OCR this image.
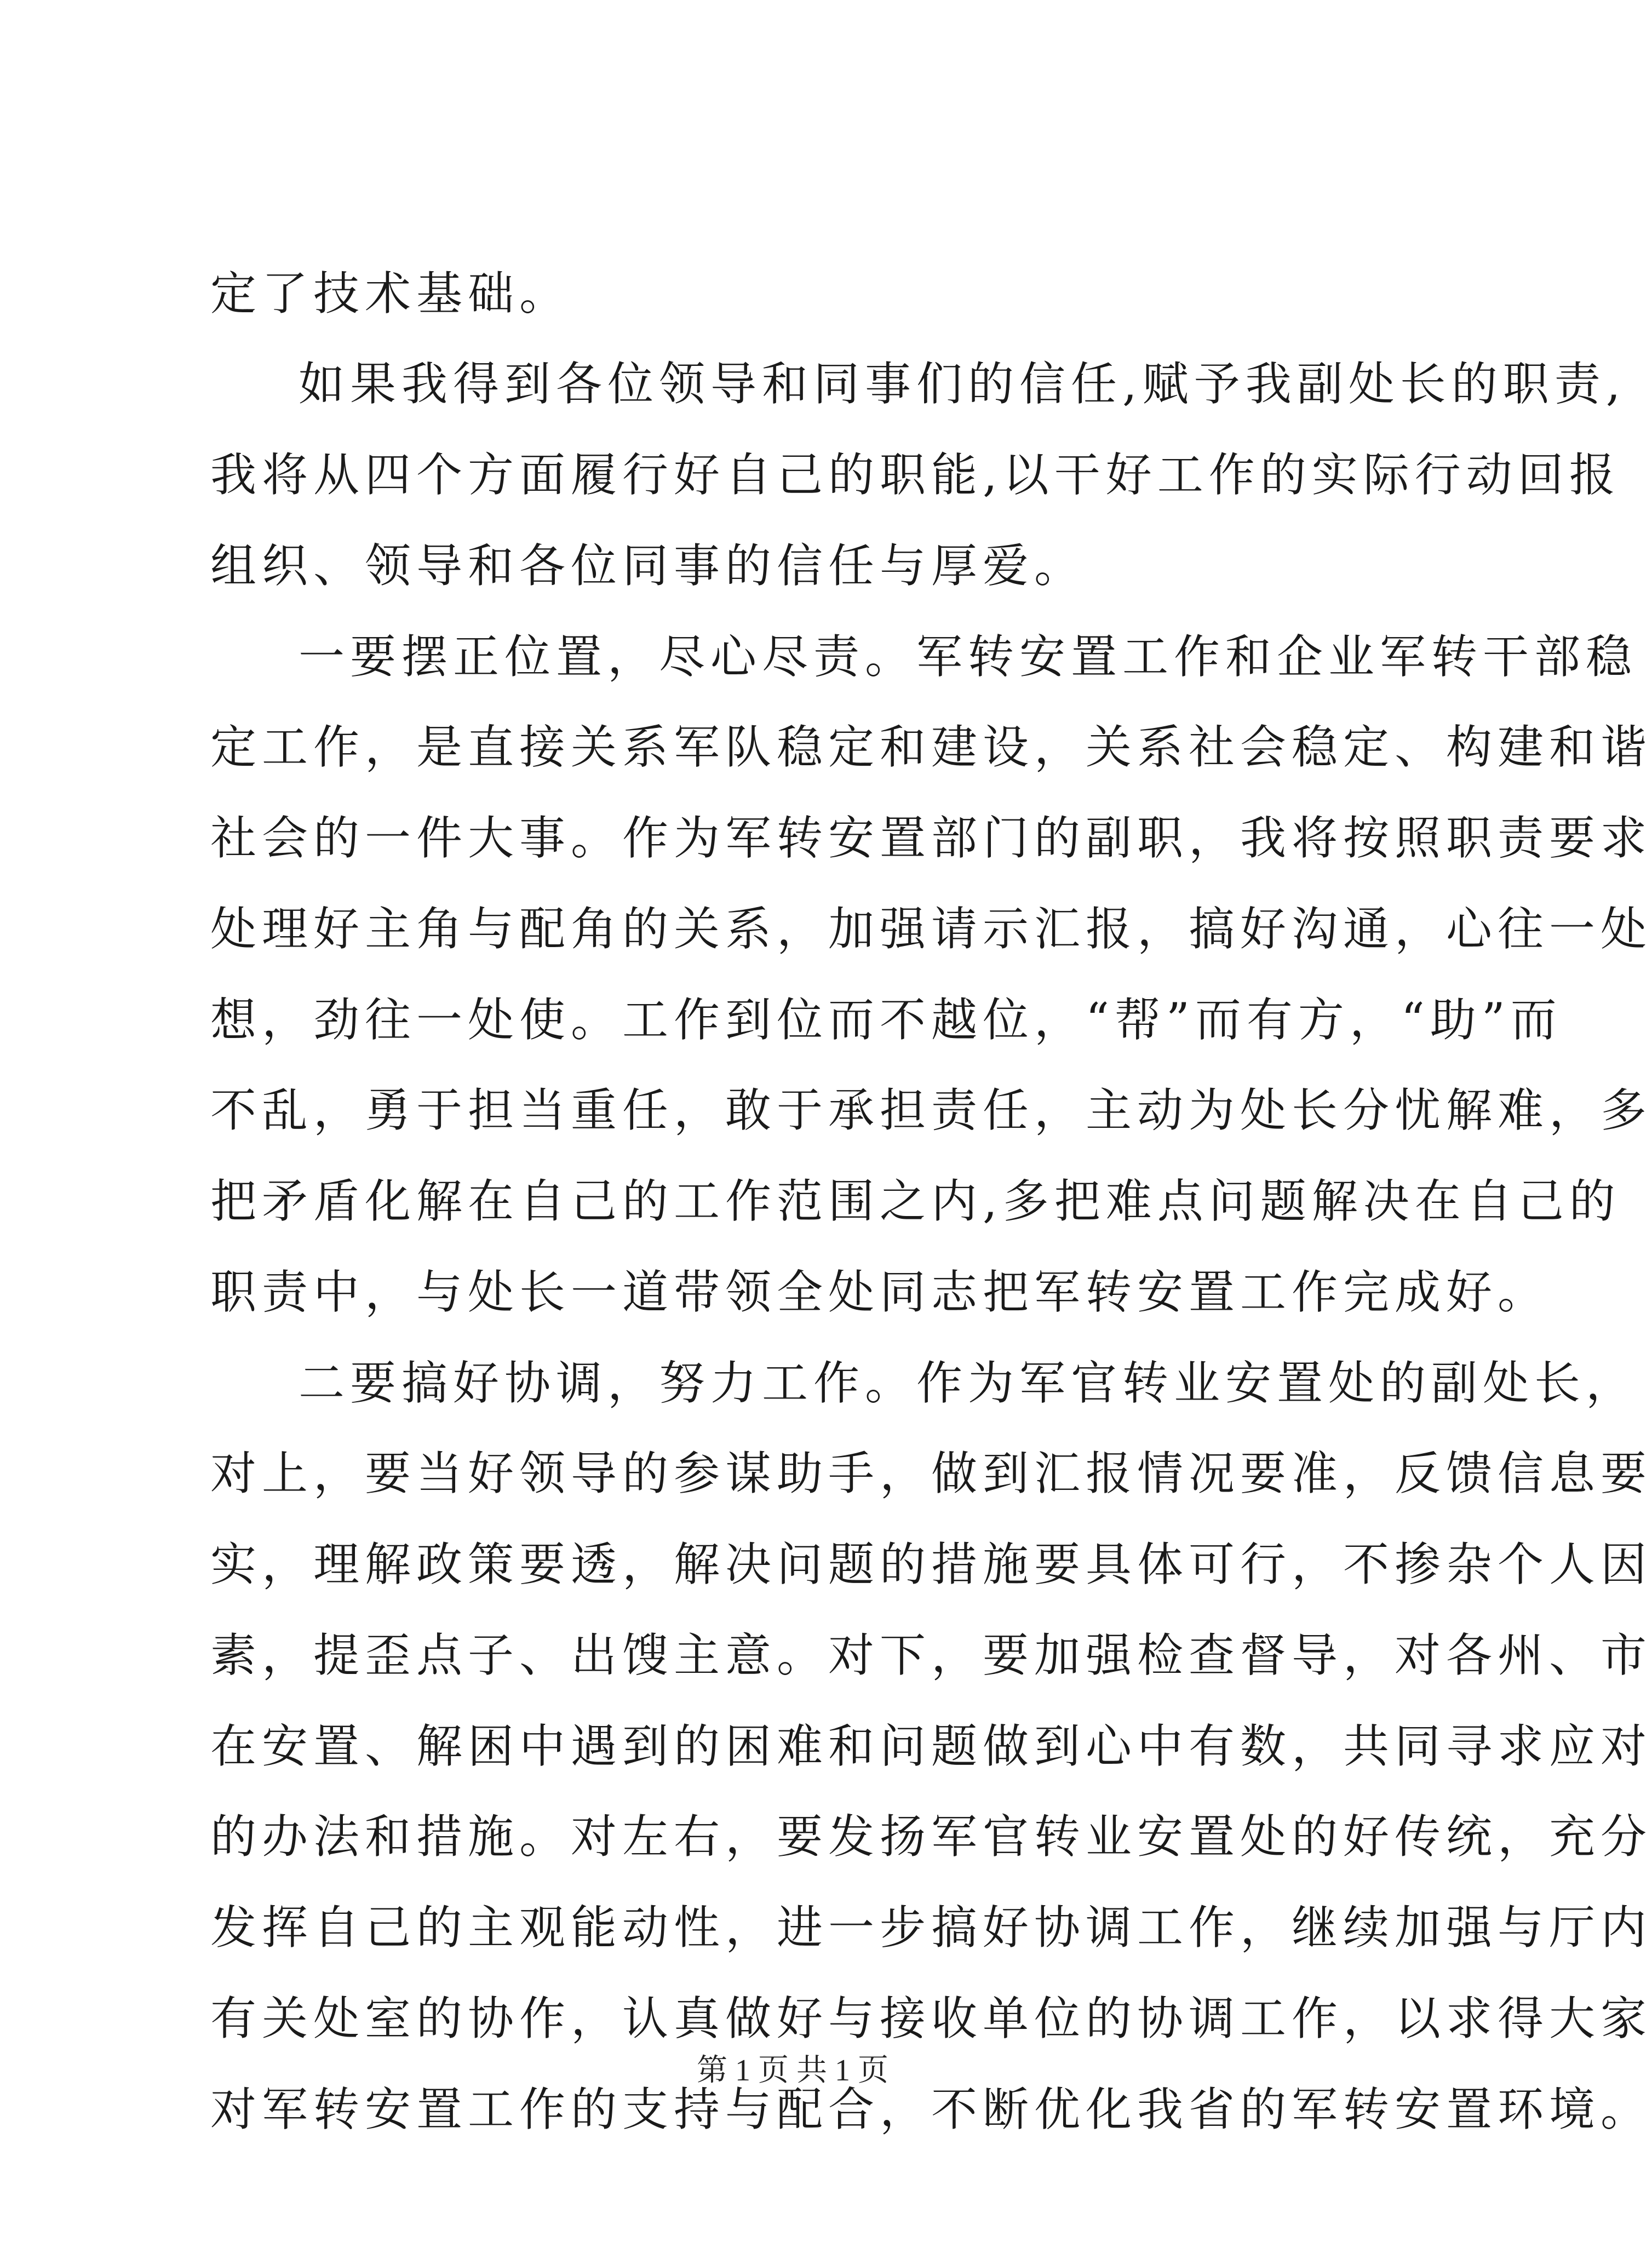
定了技术基础。
如果我得到各位领导和同事们的信任,赋予我副处长的职责,
我将从四个方面履行好自己的职能,以干好工作的实际行动回报
组织、领导和各位同事的信任与厚爱。
一要摆正位置，尽心尽责。军转安置工作和企业军转干部稳
定工作，是直接关系军队稳定和建设，关系社会稳定、构建和谐
社会的一件大事。作为军转安置部门的副职，我将按照职责要求
处理好主角与配角的关系，加强请示汇报，搞好沟通，心往一处
想，劲往一处使。工作到位而不越位，“帮”而有方，“助”而
不乱，勇于担当重任，敢于承担责任，主动为处长分忧解难，多
把矛盾化解在自己的工作范围之内,多把难点问题解决在自己的
职责中，与处长一道带领全处同志把军转安置工作完成好。
二要搞好协调，努力工作。作为军官转业安置处的副处长，
对上，要当好领导的参谋助手，做到汇报情况要准，反馈信息要
实，理解政策要透，解决问题的措施要具体可行，不掺杂个人因
素，提歪点子、出馊主意。对下，要加强检查督导，对各州、市
在安置、解困中遇到的困难和问题做到心中有数，共同寻求应对
的办法和措施。对左右，要发扬军官转业安置处的好传统，充分
发挥自己的主观能动性，进一步搞好协调工作，继续加强与厅内
有关处室的协作，认真做好与接收单位的协调工作，以求得大家
对军转安置工作的支持与配合，不断优化我省的军转安置环境。
第 1 页 共 1 页
